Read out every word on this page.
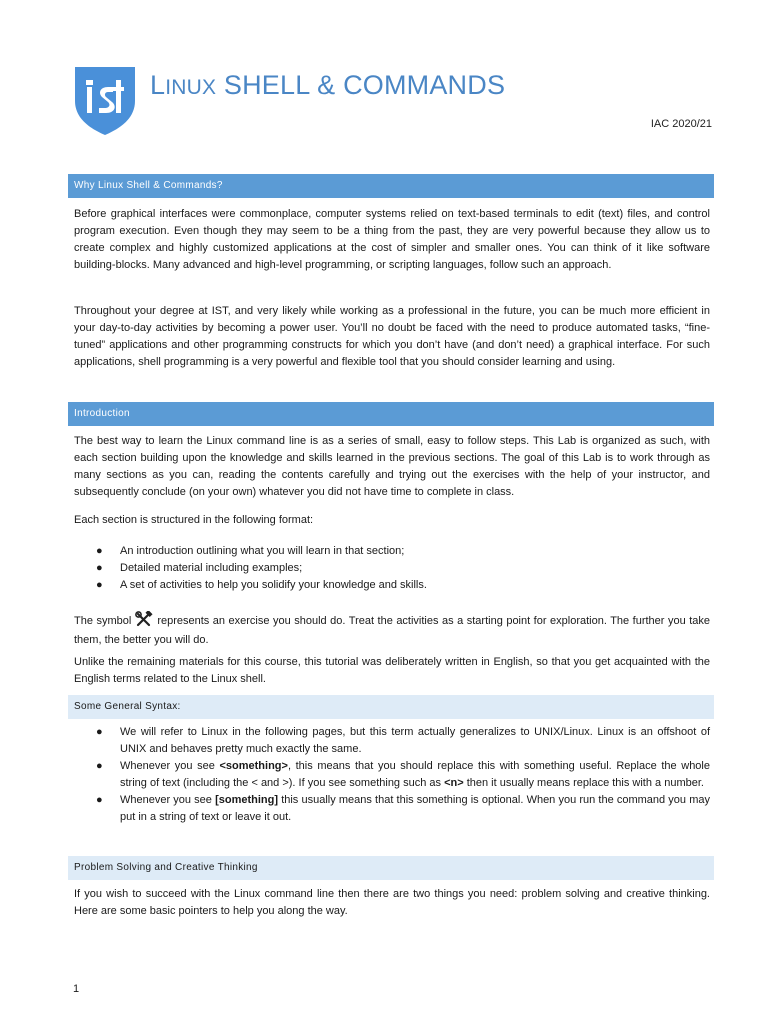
LINUX SHELL & COMMANDS
IAC 2020/21
Why Linux Shell & Commands?

Before graphical interfaces were commonplace, computer systems relied on text-based terminals to edit (text) files, and control program execution. Even though they may seem to be a thing from the past, they are very powerful because they allow us to create complex and highly customized applications at the cost of simpler and smaller ones. You can think of it like software building-blocks. Many advanced and high-level programming, or scripting languages, follow such an approach.

Throughout your degree at IST, and very likely while working as a professional in the future, you can be much more efficient in your day-to-day activities by becoming a power user. You’ll no doubt be faced with the need to produce automated tasks, “fine-tuned” applications and other programming constructs for which you don’t have (and don’t need) a graphical interface. For such applications, shell programming is a very powerful and flexible tool that you should consider learning and using.

Introduction

The best way to learn the Linux command line is as a series of small, easy to follow steps. This Lab is organized as such, with each section building upon the knowledge and skills learned in the previous sections. The goal of this Lab is to work through as many sections as you can, reading the contents carefully and trying out the exercises with the help of your instructor, and subsequently conclude (on your own) whatever you did not have time to complete in class.

Each section is structured in the following format:

● An introduction outlining what you will learn in that section;
● Detailed material including examples;
● A set of activities to help you solidify your knowledge and skills.

The symbol represents an exercise you should do. Treat the activities as a starting point for exploration. The further you take them, the better you will do.

Unlike the remaining materials for this course, this tutorial was deliberately written in English, so that you get acquainted with the English terms related to the Linux shell.

Some General Syntax:
● We will refer to Linux in the following pages, but this term actually generalizes to UNIX/Linux. Linux is an offshoot of UNIX and behaves pretty much exactly the same.
● Whenever you see <something>, this means that you should replace this with something useful. Replace the whole string of text (including the < and >). If you see something such as <n> then it usually means replace this with a number.
● Whenever you see [something] this usually means that this something is optional. When you run the command you may put in a string of text or leave it out.
Problem Solving and Creative Thinking

If you wish to succeed with the Linux command line then there are two things you need: problem solving and creative thinking. Here are some basic pointers to help you along the way.

1
